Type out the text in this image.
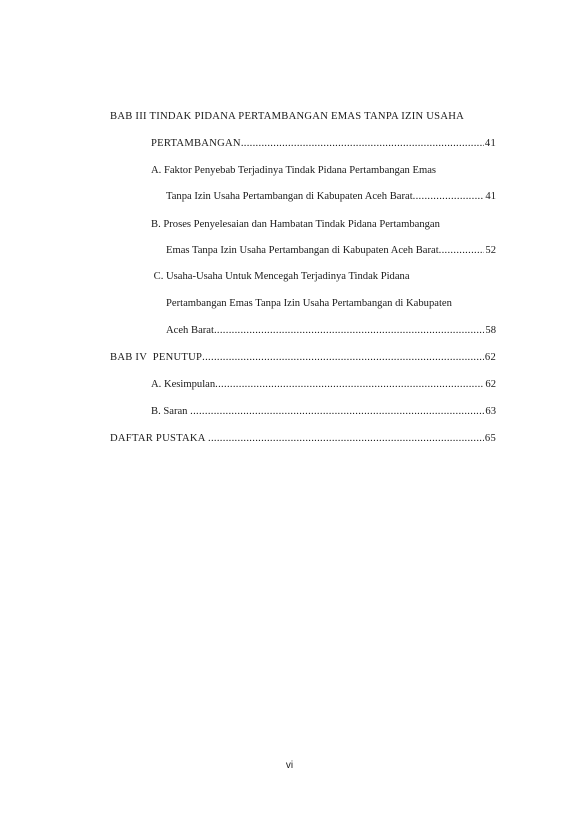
BAB III TINDAK PIDANA PERTAMBANGAN EMAS TANPA IZIN USAHA
PERTAMBANGAN .....	41
A. Faktor Penyebab Terjadinya Tindak Pidana Pertambangan Emas
Tanpa Izin Usaha Pertambangan di Kabupaten Aceh Barat .....	41
B. Proses Penyelesaian dan Hambatan Tindak Pidana Pertambangan
Emas Tanpa Izin Usaha Pertambangan di Kabupaten Aceh Barat .....	52
C. Usaha-Usaha Untuk Mencegah Terjadinya Tindak Pidana
Pertambangan Emas Tanpa Izin Usaha Pertambangan di Kabupaten
Aceh Barat .....	58
BAB IV  PENUTUP .....	62
A. Kesimpulan .....	62
B. Saran .....	63
DAFTAR PUSTAKA .....	65
vi
